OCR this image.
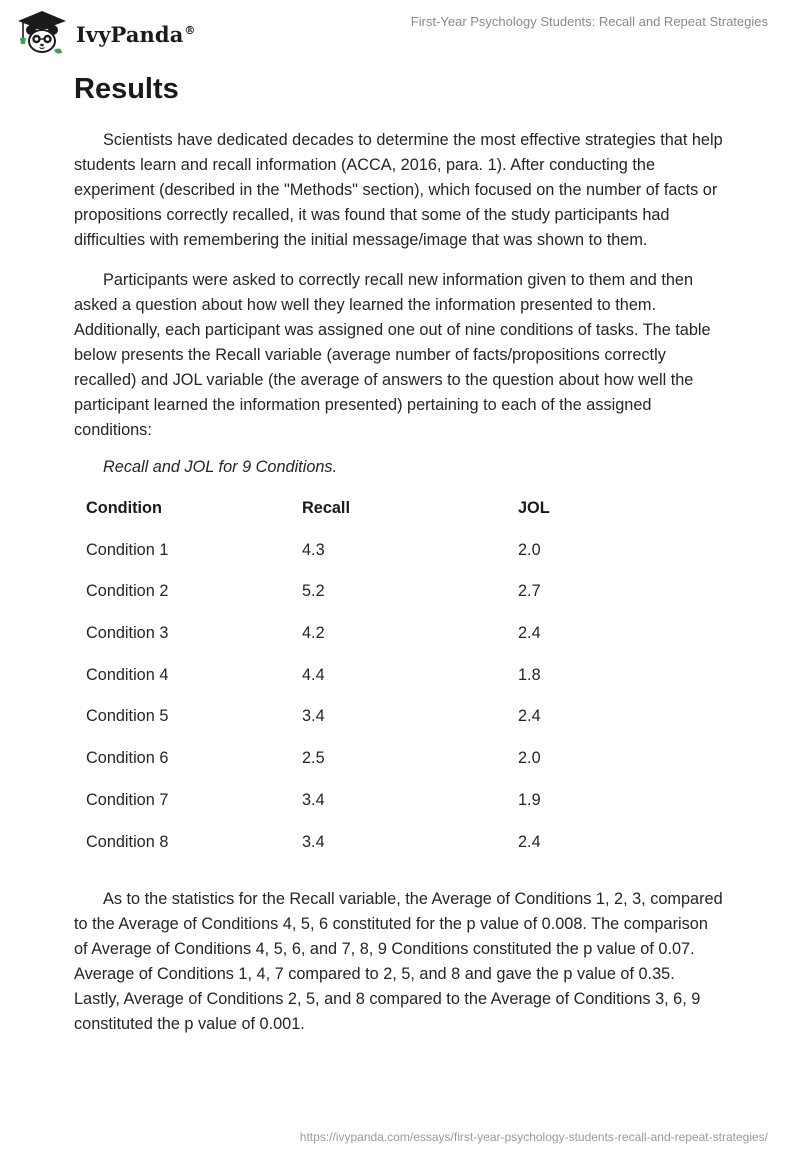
IvyPanda®
First-Year Psychology Students: Recall and Repeat Strategies
Results

Scientists have dedicated decades to determine the most effective strategies that help students learn and recall information (ACCA, 2016, para. 1). After conducting the experiment (described in the "Methods" section), which focused on the number of facts or propositions correctly recalled, it was found that some of the study participants had difficulties with remembering the initial message/image that was shown to them.

Participants were asked to correctly recall new information given to them and then asked a question about how well they learned the information presented to them. Additionally, each participant was assigned one out of nine conditions of tasks. The table below presents the Recall variable (average number of facts/propositions correctly recalled) and JOL variable (the average of answers to the question about how well the participant learned the information presented) pertaining to each of the assigned conditions:

Recall and JOL for 9 Conditions.
Condition	Recall	JOL
Condition 1	4.3	2.0
Condition 2	5.2	2.7
Condition 3	4.2	2.4
Condition 4	4.4	1.8
Condition 5	3.4	2.4
Condition 6	2.5	2.0
Condition 7	3.4	1.9
Condition 8	3.4	2.4

As to the statistics for the Recall variable, the Average of Conditions 1, 2, 3, compared to the Average of Conditions 4, 5, 6 constituted for the p value of 0.008. The comparison of Average of Conditions 4, 5, 6, and 7, 8, 9 Conditions constituted the p value of 0.07. Average of Conditions 1, 4, 7 compared to 2, 5, and 8 and gave the p value of 0.35. Lastly, Average of Conditions 2, 5, and 8 compared to the Average of Conditions 3, 6, 9 constituted the p value of 0.001.

https://ivypanda.com/essays/first-year-psychology-students-recall-and-repeat-strategies/
